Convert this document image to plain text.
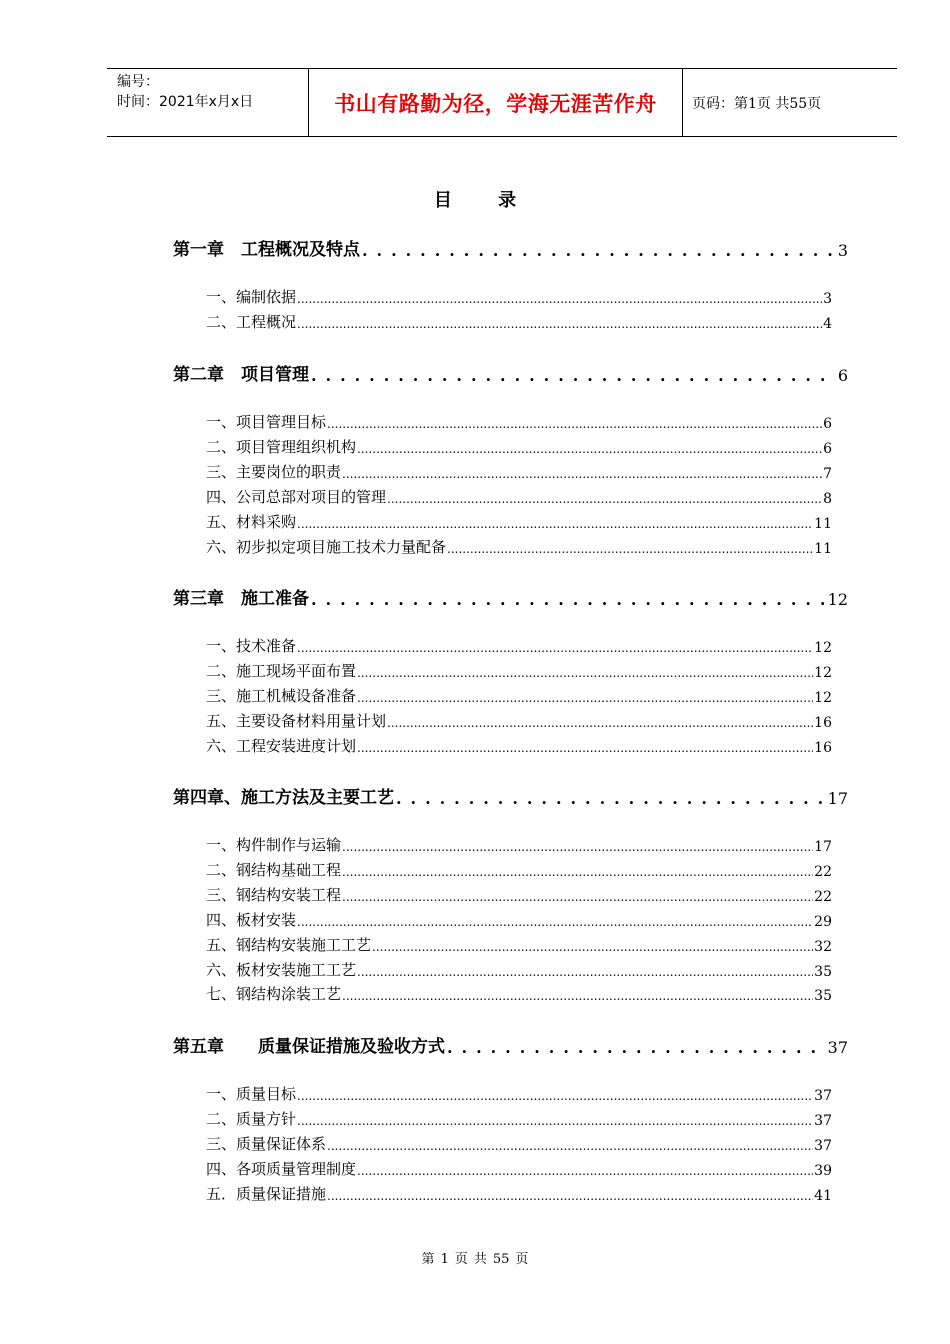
编号：
时间：2021年x月x日	书山有路勤为径，学海无涯苦作舟	页码：第1页 共55页
目 录
第一章　工程概况及特点 . . .	3
一、编制依据 .....	3
二、工程概况 .....	4
第二章　项目管理 . . .	6
一、项目管理目标 .....	6
二、项目管理组织机构 .....	6
三、主要岗位的职责 .....	7
四、公司总部对项目的管理 .....	8
五、材料采购 .....	11
六、初步拟定项目施工技术力量配备 .....	11
第三章　施工准备 . . .	12
一、技术准备 .....	12
二、施工现场平面布置 .....	12
三、施工机械设备准备 .....	12
五、主要设备材料用量计划 .....	16
六、工程安装进度计划 .....	16
第四章、施工方法及主要工艺 . . .	17
一、构件制作与运输 .....	17
二、钢结构基础工程 .....	22
三、钢结构安装工程 .....	22
四、板材安装 .....	29
五、钢结构安装施工工艺 .....	32
六、板材安装施工工艺 .....	35
七、钢结构涂装工艺 .....	35
第五章　　质量保证措施及验收方式 . . .	37
一、质量目标 .....	37
二、质量方针 .....	37
三、质量保证体系 .....	37
四、各项质量管理制度 .....	39
五．质量保证措施 .....	41
第 1 页 共 55 页
